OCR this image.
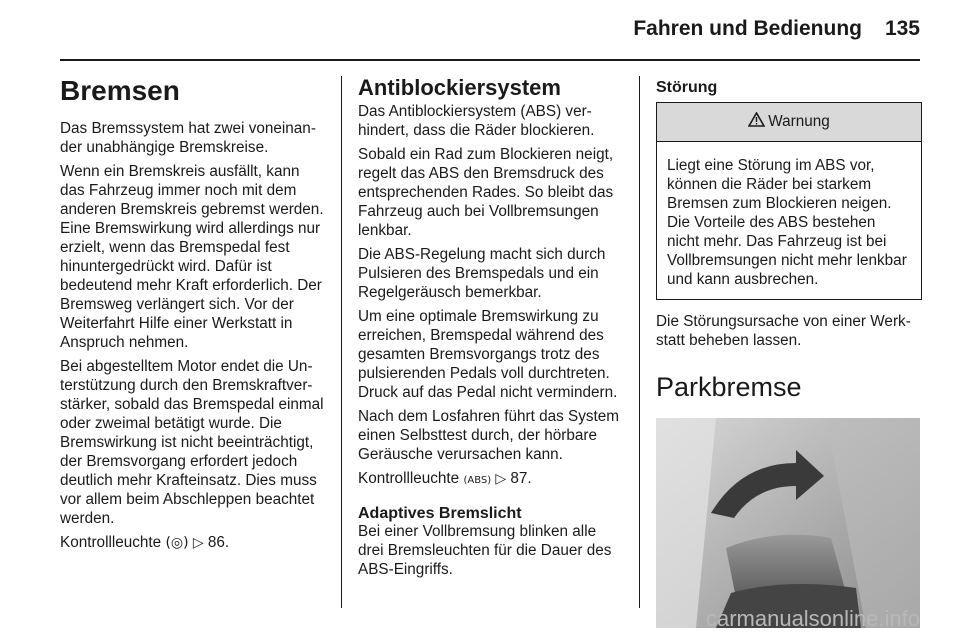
Fahren und Bedienung 135
Bremsen

Das Bremssystem hat zwei voneinander unabhängige Bremskreise.

Wenn ein Bremskreis ausfällt, kann das Fahrzeug immer noch mit dem anderen Bremskreis gebremst werden. Eine Bremswirkung wird allerdings nur erzielt, wenn das Bremspedal fest hinuntergedrückt wird. Dafür ist bedeutend mehr Kraft erforderlich. Der Bremsweg verlängert sich. Vor der Weiterfahrt Hilfe einer Werkstatt in Anspruch nehmen.

Bei abgestelltem Motor endet die Unterstützung durch den Bremskraftverstärker, sobald das Bremspedal einmal oder zweimal betätigt wurde. Die Bremswirkung ist nicht beeinträchtigt, der Bremsvorgang erfordert jedoch deutlich mehr Krafteinsatz. Dies muss vor allem beim Abschleppen beachtet werden.

Kontrollleuchte (◎) ▷ 86.

Antiblockiersystem

Das Antiblockiersystem (ABS) verhindert, dass die Räder blockieren.

Sobald ein Rad zum Blockieren neigt, regelt das ABS den Bremsdruck des entsprechenden Rades. So bleibt das Fahrzeug auch bei Vollbremsungen lenkbar.

Die ABS-Regelung macht sich durch Pulsieren des Bremspedals und ein Regelgeräusch bemerkbar.

Um eine optimale Bremswirkung zu erreichen, Bremspedal während des gesamten Bremsvorgangs trotz des pulsierenden Pedals voll durchtreten. Druck auf das Pedal nicht vermindern.

Nach dem Losfahren führt das System einen Selbsttest durch, der hörbare Geräusche verursachen kann.

Kontrollleuchte (ABS) ▷ 87.

Adaptives Bremslicht

Bei einer Vollbremsung blinken alle drei Bremsleuchten für die Dauer des ABS-Eingriffs.

Störung
Warnung

Liegt eine Störung im ABS vor, können die Räder bei starkem Bremsen zum Blockieren neigen. Die Vorteile des ABS bestehen nicht mehr. Das Fahrzeug ist bei Vollbremsungen nicht mehr lenkbar und kann ausbrechen.

Die Störungsursache von einer Werkstatt beheben lassen.

Parkbremse
carmanualsonline.info
